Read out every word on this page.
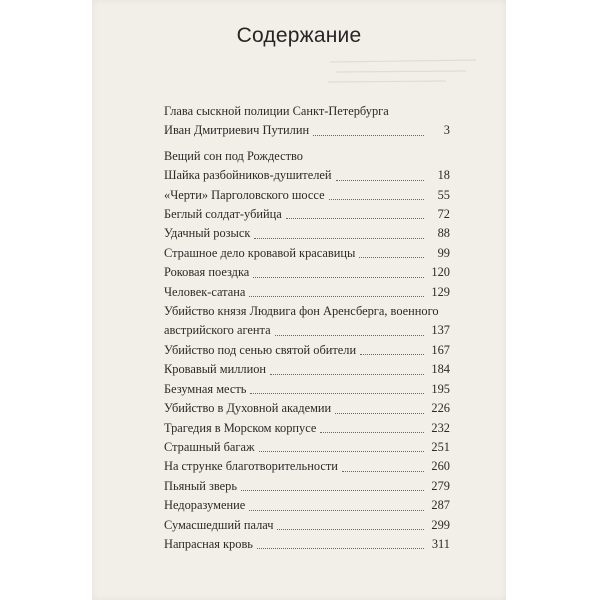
Содержание
Глава сыскной полиции Санкт-Петербурга
Иван Дмитриевич Путилин	3
Вещий сон под Рождество
Шайка разбойников-душителей	18
«Черти» Парголовского шоссе	55
Беглый солдат-убийца	72
Удачный розыск	88
Страшное дело кровавой красавицы	99
Роковая поездка	120
Человек-сатана	129
Убийство князя Людвига фон Аренсберга, военного
австрийского агента	137
Убийство под сенью святой обители	167
Кровавый миллион	184
Безумная месть	195
Убийство в Духовной академии	226
Трагедия в Морском корпусе	232
Страшный багаж	251
На струнке благотворительности	260
Пьяный зверь	279
Недоразумение	287
Сумасшедший палач	299
Напрасная кровь	311
